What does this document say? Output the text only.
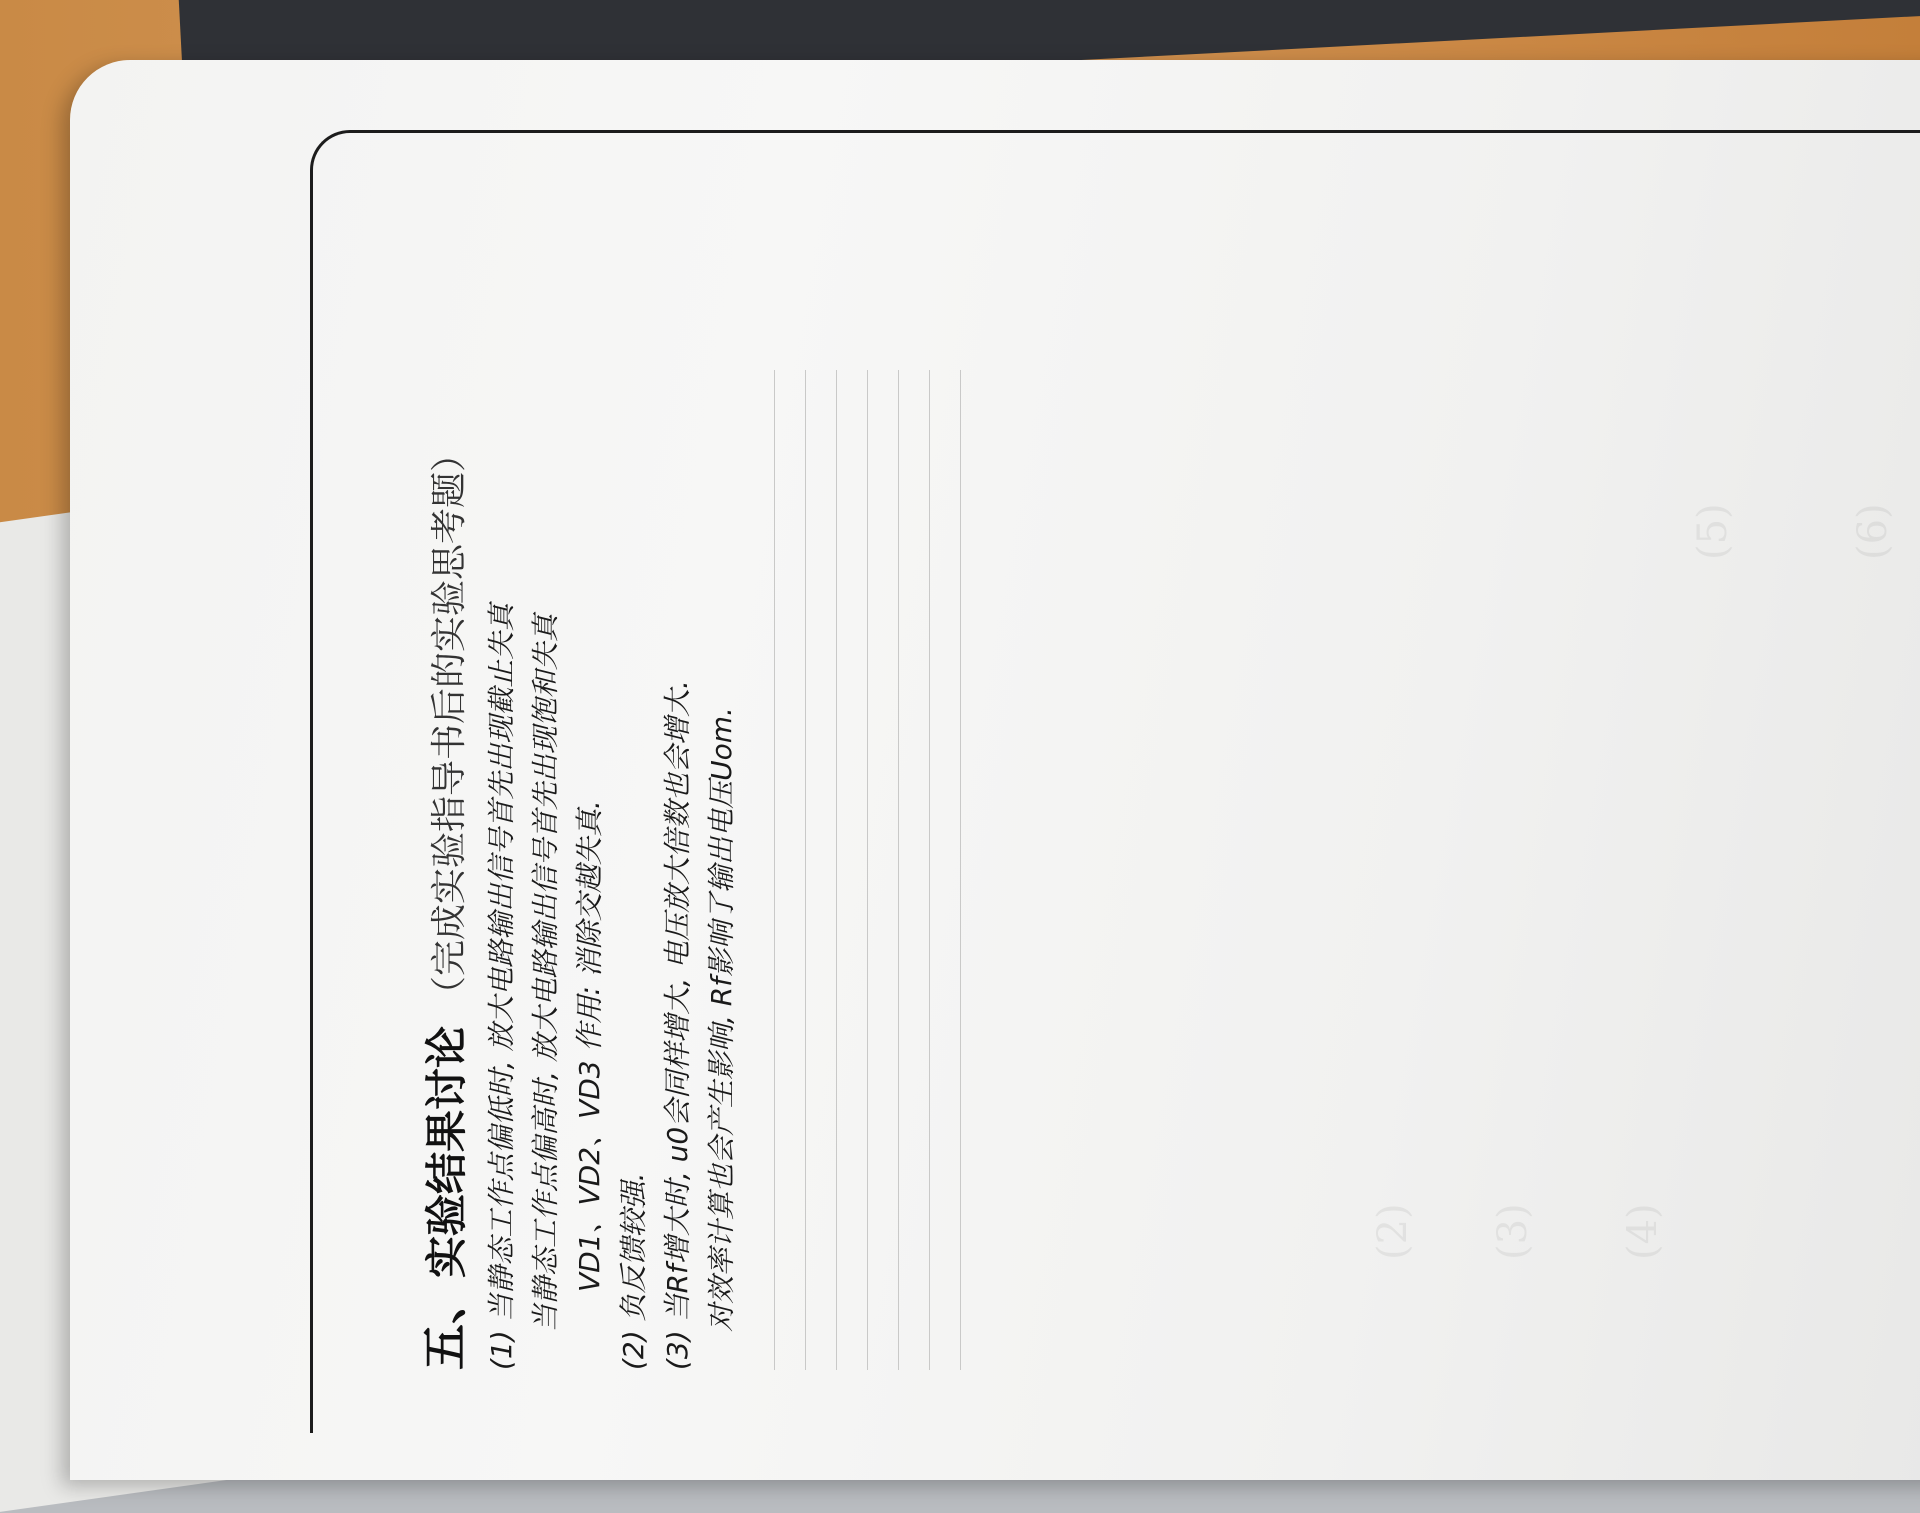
(2) (3) (4)
(5)	(6)
五、实验结果讨论（完成实验指导书后的实验思考题） (1) 当静态工作点偏低时, 放大电路输出信号首先出现截止失真 当静态工作点偏高时, 放大电路输出信号首先出现饱和失真 VD1、VD2、VD3 作用: 消除交越失真. (2) 负反馈较强. (3) 当Rf增大时, u0会同样增大, 电压放大倍数也会增大. 对效率计算也会产生影响, Rf影响了输出电压Uom.
